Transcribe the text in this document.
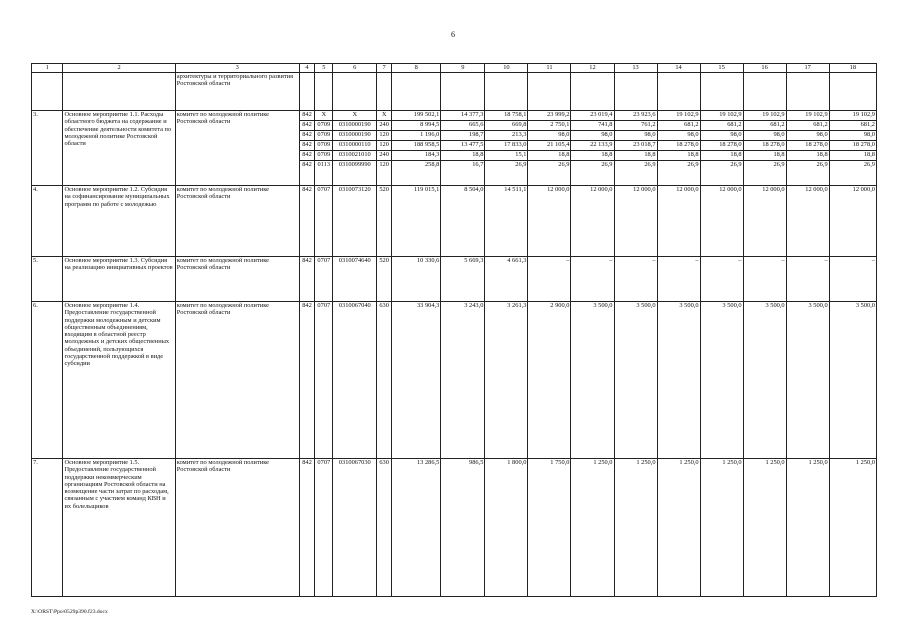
6
1	2	3	4	5	6	7	8	9	10	11	12	13	14	15	16	17	18
		архитектуры и территориального развития Ростовской области															
3.	Основное мероприятие 1.1. Расходы областного бюджета на содержание и обеспечение деятельности комитета по молодежной политике Ростовской области	комитет по молодежной политике Ростовской области	842	Х	Х	Х	199 502,1	14 377,3	18 758,1	23 999,2	23 019,4	23 923,6	19 102,9	19 102,9	19 102,9	19 102,9	19 102,9
			842	0709	0310000190	240	8 994,5	665,6	669,8	2 750,1	741,8	761,2	681,2	681,2	681,2	681,2	681,2
			842	0709	0310000190	120	1 196,0	198,7	213,3	98,0	98,0	98,0	98,0	98,0	98,0	98,0	98,0
			842	0709	0310000110	120	188 958,5	13 477,5	17 833,0	21 105,4	22 133,9	23 018,7	18 278,0	18 278,0	18 278,0	18 278,0	18 278,0
			842	0709	0310021010	240	184,3	18,8	15,1	18,8	18,8	18,8	18,8	18,8	18,8	18,8	18,8
			842	0113	0310099990	120	258,8	16,7	26,9	26,9	26,9	26,9	26,9	26,9	26,9	26,9	26,9
4.	Основное мероприятие 1.2. Субсидия на софинансирование муниципальных программ по работе с молодежью	комитет по молодежной политике Ростовской области	842	0707	0310073120	520	119 015,1	8 504,0	14 511,1	12 000,0	12 000,0	12 000,0	12 000,0	12 000,0	12 000,0	12 000,0	12 000,0
5.	Основное мероприятие 1.3. Субсидия на реализацию инициативных проектов	комитет по молодежной политике Ростовской области	842	0707	0310074640	520	10 330,6	5 669,3	4 661,3	–	–	–	–	–	–	–	–
6.	Основное мероприятие 1.4. Предоставление государственной поддержки молодежным и детским общественным объединениям, входящим в областной реестр молодежных и детских общественных объединений, пользующихся государственной поддержкой в виде субсидии	комитет по молодежной политике Ростовской области	842	0707	0310067040	630	33 904,3	3 243,0	3 261,3	2 900,0	3 500,0	3 500,0	3 500,0	3 500,0	3 500,0	3 500,0	3 500,0
7.	Основное мероприятие 1.5. Предоставление государственной поддержки некоммерческим организациям Ростовской области на возмещение части затрат по расходам, связанным с участием команд КВН и их болельщиков	комитет по молодежной политике Ростовской области	842	0707	0310067030	630	13 286,5	986,5	1 800,0	1 750,0	1 250,0	1 250,0	1 250,0	1 250,0	1 250,0	1 250,0	1 250,0
X:\ORST\Ppo\0529p390.f23.docx
